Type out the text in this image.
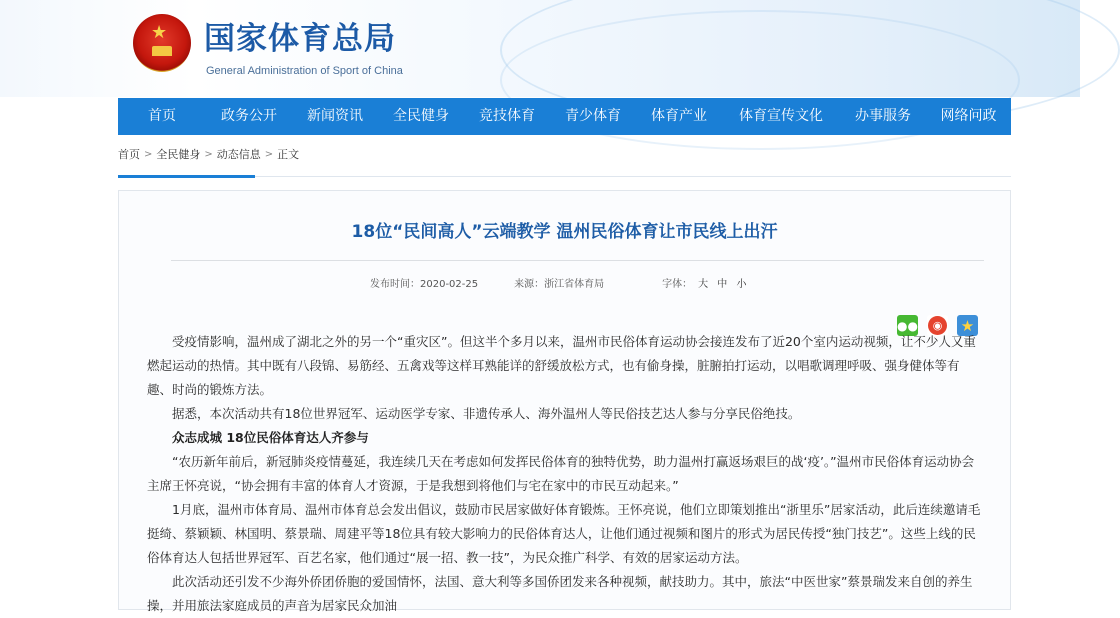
★ 国家体育总局
General Administration of Sport of China
首页	政务公开	新闻资讯	全民健身	竞技体育	青少体育	体育产业	体育宣传文化	办事服务	网络问政
首页 > 全民健身 > 动态信息 > 正文
18位“民间高人”云端教学 温州民俗体育让市民线上出汗
发布时间：2020-02-25	来源：浙江省体育局	字体： 大 中 小
●●	◉	★

受疫情影响，温州成了湖北之外的另一个“重灾区”。但这半个多月以来，温州市民俗体育运动协会接连发布了近20个室内运动视频，让不少人又重燃起运动的热情。其中既有八段锦、易筋经、五禽戏等这样耳熟能详的舒缓放松方式，也有偷身操，脏腑拍打运动，以唱歌调理呼吸、强身健体等有趣、时尚的锻炼方法。

据悉，本次活动共有18位世界冠军、运动医学专家、非遗传承人、海外温州人等民俗技艺达人参与分享民俗绝技。

众志成城 18位民俗体育达人齐参与

“农历新年前后，新冠肺炎疫情蔓延，我连续几天在考虑如何发挥民俗体育的独特优势，助力温州打赢返场艰巨的战‘疫’。”温州市民俗体育运动协会主席王怀亮说，“协会拥有丰富的体育人才资源，于是我想到将他们与宅在家中的市民互动起来。”

1月底，温州市体育局、温州市体育总会发出倡议，鼓励市民居家做好体育锻炼。王怀亮说，他们立即策划推出“浙里乐”居家活动，此后连续邀请毛挺绮、蔡颖颖、林国明、蔡景瑞、周建平等18位具有较大影响力的民俗体育达人，让他们通过视频和图片的形式为居民传授“独门技艺”。这些上线的民俗体育达人包括世界冠军、百艺名家，他们通过“展一招、教一技”，为民众推广科学、有效的居家运动方法。

此次活动还引发不少海外侨团侨胞的爱国情怀，法国、意大利等多国侨团发来各种视频，献技助力。其中，旅法“中医世家”蔡景瑞发来自创的养生操，并用旅法家庭成员的声音为居家民众加油
